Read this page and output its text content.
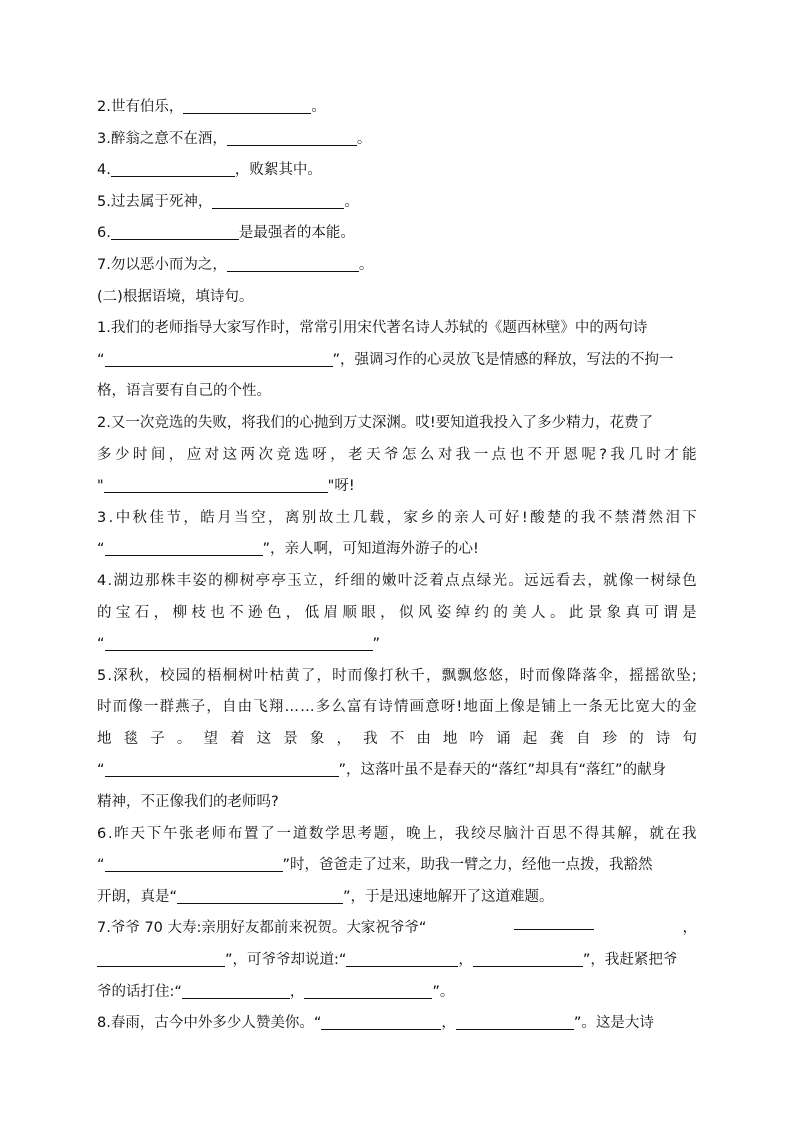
2.世有伯乐，	。
3.醉翁之意不在酒，	。
4.	，败絮其中。
5.过去属于死神，	。
6.	是最强者的本能。
7.勿以恶小而为之，	。
(二)根据语境，填诗句。
1.我们的老师指导大家写作时，常常引用宋代著名诗人苏轼的《题西林壁》中的两句诗
“	”，强调习作的心灵放飞是情感的释放，写法的不拘一
格，语言要有自己的个性。
2.又一次竞选的失败，将我们的心抛到万丈深渊。哎!要知道我投入了多少精力，花费了
多 少 时 间 ， 应 对 这 两 次 竞 选 呀 ， 老 天 爷 怎 么 对 我 一 点 也 不 开 恩 呢 ? 我 几 时 才 能
"	"呀!
3 . 中 秋 佳 节 ， 皓 月 当 空 ， 离 别 故 土 几 载 ， 家 乡 的 亲 人 可 好 ! 酸 楚 的 我 不 禁 潸 然 泪 下
“	”，亲人啊，可知道海外游子的心!
4 . 湖 边 那 株 丰 姿 的 柳 树 亭 亭 玉 立 ， 纤 细 的 嫩 叶 泛 着 点 点 绿 光 。 远 远 看 去 ， 就 像 一 树 绿 色
的 宝 石 ， 柳 枝 也 不 逊 色 ， 低 眉 顺 眼 ， 似 风 姿 绰 约 的 美 人 。 此 景 象 真 可 谓 是
“	”
5 . 深 秋 ， 校 园 的 梧 桐 树 叶 枯 黄 了 ， 时 而 像 打 秋 千 ， 飘 飘 悠 悠 ， 时 而 像 降 落 伞 ， 摇 摇 欲 坠 ;
时 而 像 一 群 燕 子 ， 自 由 飞 翔 … … 多 么 富 有 诗 情 画 意 呀 ! 地 面 上 像 是 铺 上 一 条 无 比 宽 大 的 金
地 毯 子 。 望 着 这 景 象 ， 我 不 由 地 吟 诵 起 龚 自 珍 的 诗 句
“	”，这落叶虽不是春天的“落红”却具有“落红”的献身
精神，不正像我们的老师吗?
6 . 昨 天 下 午 张 老 师 布 置 了 一 道 数 学 思 考 题 ， 晚 上 ， 我 绞 尽 脑 汁 百 思 不 得 其 解 ， 就 在 我
“	”时，爸爸走了过来，助我一臂之力，经他一点拨，我豁然
开朗，真是“	”，于是迅速地解开了这道难题。
7.爷爷 70 大寿:亲朋好友都前来祝贺。大家祝爷爷“	，
”，可爷爷却说道:“	，	”，我赶紧把爷
爷的话打住:“	，	”。
8.春雨，古今中外多少人赞美你。“	，	”。这是大诗
